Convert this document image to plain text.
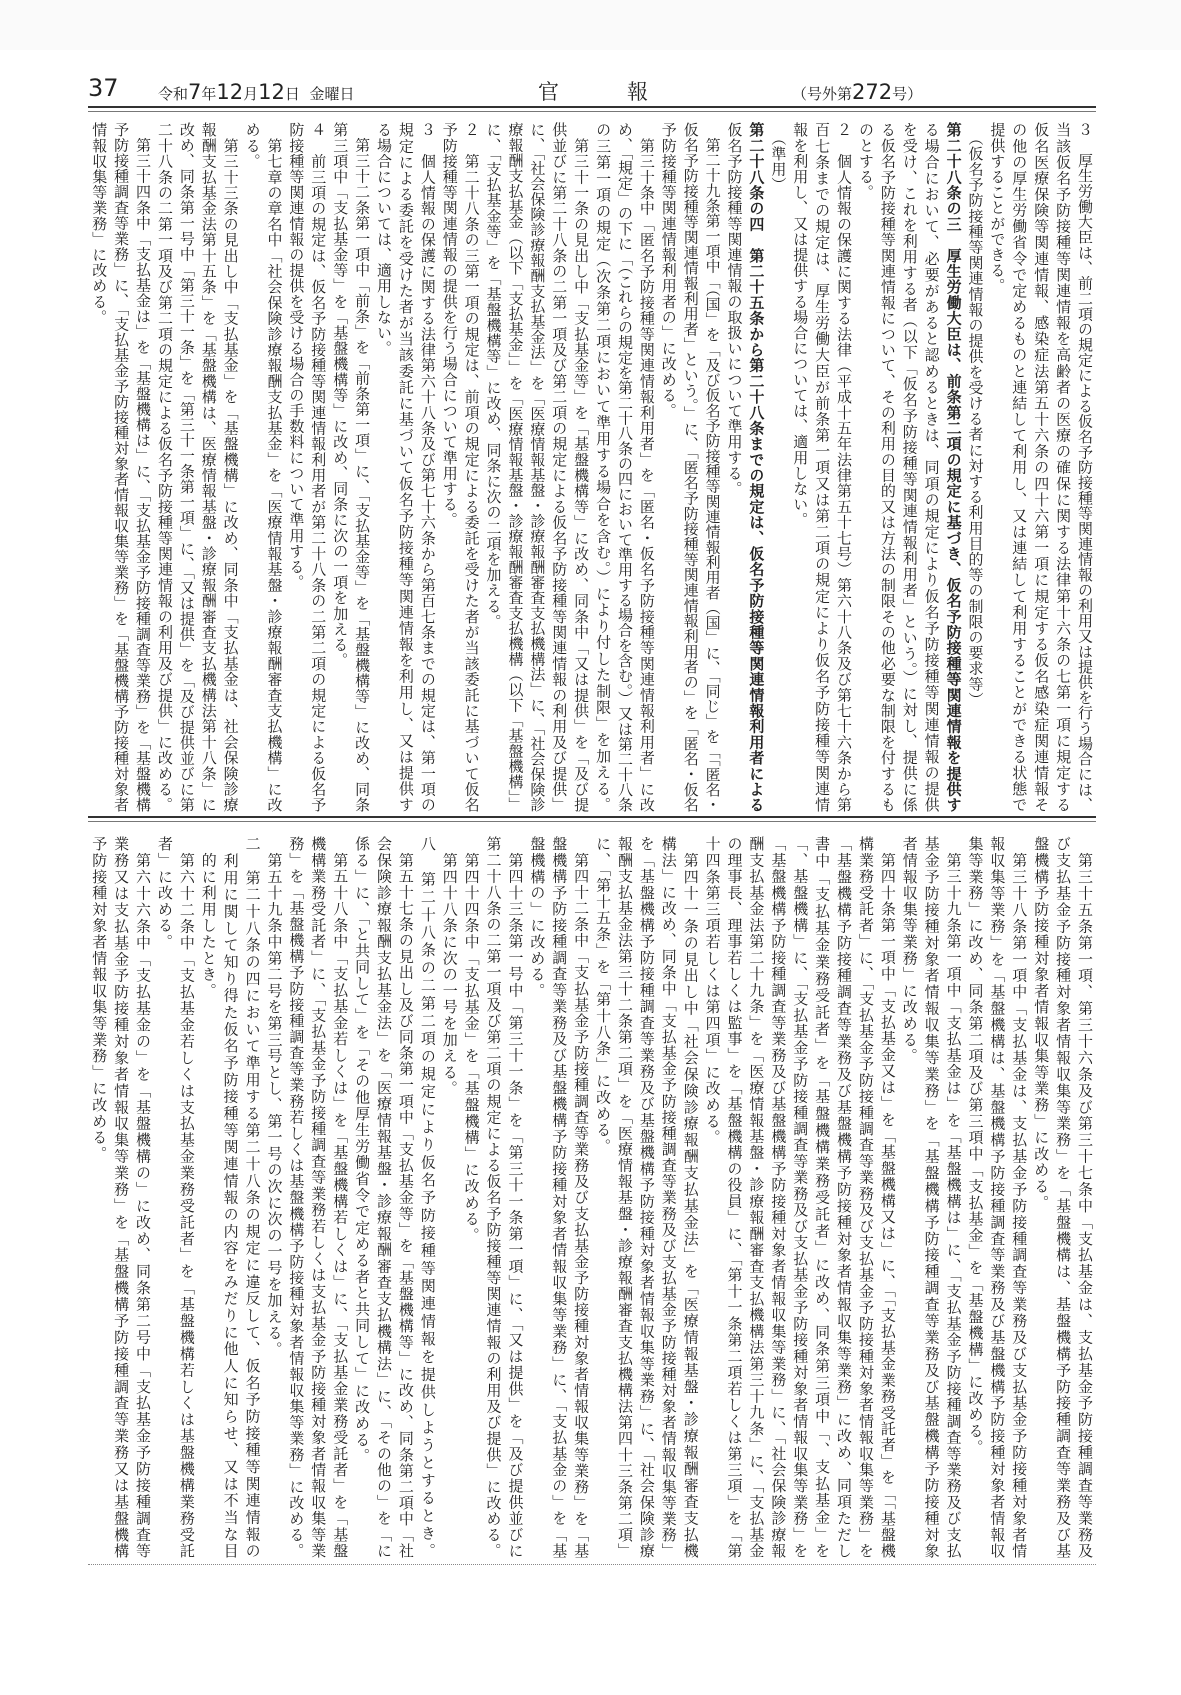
37	令和7年12月12日 金曜日	官報	（号外第272号）
３　厚生労働大臣は、前二項の規定による仮名予防接種等関連情報の利用又は提供を行う場合には、
当該仮名予防接種等関連情報を高齢者の医療の確保に関する法律第十六条の七第一項に規定する
仮名医療保険等関連情報、感染症法第五十六条の四十六第一項に規定する仮名感染症関連情報そ
の他の厚生労働省令で定めるものと連結して利用し、又は連結して利用することができる状態で
提供することができる。
　（仮名予防接種等関連情報の提供を受ける者に対する利用目的等の制限の要求等）
第二十八条の三　厚生労働大臣は、前条第二項の規定に基づき、仮名予防接種等関連情報を提供す
る場合において、必要があると認めるときは、同項の規定により仮名予防接種等関連情報の提供
を受け、これを利用する者（以下「仮名予防接種等関連情報利用者」という。）に対し、提供に係
る仮名予防接種等関連情報について、その利用の目的又は方法の制限その他必要な制限を付するも
のとする。
２　個人情報の保護に関する法律（平成十五年法律第五十七号）第六十八条及び第七十六条から第
百七条までの規定は、厚生労働大臣が前条第一項又は第二項の規定により仮名予防接種等関連情
報を利用し、又は提供する場合については、適用しない。
　（準用）
第二十八条の四　第二十五条から第二十八条までの規定は、仮名予防接種等関連情報利用者による
仮名予防接種等関連情報の取扱いについて準用する。
　第二十九条第一項中「（国」を「及び仮名予防接種等関連情報利用者（国」に、「同じ」を「「匿名・
仮名予防接種等関連情報利用者」という。」に、「匿名予防接種等関連情報利用者の」を「匿名・仮名
予防接種等関連情報利用者の」に改める。
　第三十条中「匿名予防接種等関連情報利用者」を「匿名・仮名予防接種等関連情報利用者」に改
め、「規定」の下に「（これらの規定を第二十八条の四において準用する場合を含む。）又は第二十八条
の三第一項の規定（次条第二項において準用する場合を含む。）により付した制限」を加える。
　第三十一条の見出し中「支払基金等」を「基盤機構等」に改め、同条中「又は提供」を「及び提
供並びに第二十八条の二第一項及び第二項の規定による仮名予防接種等関連情報の利用及び提供」
に、「社会保険診療報酬支払基金法」を「医療情報基盤・診療報酬審査支払機構法」に、「社会保険診
療報酬支払基金（以下「支払基金」」を「医療情報基盤・診療報酬審査支払機構（以下「基盤機構」」
に、「支払基金等」を「基盤機構等」に改め、同条に次の二項を加える。
２　第二十八条の三第一項の規定は、前項の規定による委託を受けた者が当該委託に基づいて仮名
予防接種等関連情報の提供を行う場合について準用する。
３　個人情報の保護に関する法律第六十八条及び第七十六条から第百七条までの規定は、第一項の
規定による委託を受けた者が当該委託に基づいて仮名予防接種等関連情報を利用し、又は提供す
る場合については、適用しない。
　第三十二条第一項中「前条」を「前条第一項」に、「支払基金等」を「基盤機構等」に改め、同条
第三項中「支払基金等」を「基盤機構等」に改め、同条に次の一項を加える。
４　前三項の規定は、仮名予防接種等関連情報利用者が第二十八条の二第二項の規定による仮名予
防接種等関連情報の提供を受ける場合の手数料について準用する。
　第七章の章名中「社会保険診療報酬支払基金」を「医療情報基盤・診療報酬審査支払機構」に改
める。
　第三十三条の見出し中「支払基金」を「基盤機構」に改め、同条中「支払基金は、社会保険診療
報酬支払基金法第十五条」を「基盤機構は、医療情報基盤・診療報酬審査支払機構法第十八条」に
改め、同条第一号中「第三十一条」を「第三十一条第一項」に、「又は提供」を「及び提供並びに第
二十八条の二第一項及び第二項の規定による仮名予防接種等関連情報の利用及び提供」に改める。
　第三十四条中「支払基金は」を「基盤機構は」に、「支払基金予防接種調査等業務」を「基盤機構
予防接種調査等業務」に、「支払基金予防接種対象者情報収集等業務」を「基盤機構予防接種対象者
情報収集等業務」に改める。
　第三十五条第一項、第三十六条及び第三十七条中「支払基金は、支払基金予防接種調査等業務及
び支払基金予防接種対象者情報収集等業務」を「基盤機構は、基盤機構予防接種調査等業務及び基
盤機構予防接種対象者情報収集等業務」に改める。
　第三十八条第一項中「支払基金は、支払基金予防接種調査等業務及び支払基金予防接種対象者情
報収集等業務」を「基盤機構は、基盤機構予防接種調査等業務及び基盤機構予防接種対象者情報収
集等業務」に改め、同条第二項及び第三項中「支払基金」を「基盤機構」に改める。
　第三十九条第一項中「支払基金は」を「基盤機構は」に、「支払基金予防接種調査等業務及び支払
基金予防接種対象者情報収集等業務」を「基盤機構予防接種調査等業務及び基盤機構予防接種対象
者情報収集等業務」に改める。
　第四十条第一項中「支払基金又は」を「基盤機構又は」に、「「支払基金業務受託者」を「「基盤機
構業務受託者」に、「支払基金予防接種調査等業務及び支払基金予防接種対象者情報収集等業務」を
「基盤機構予防接種調査等業務及び基盤機構予防接種対象者情報収集等業務」に改め、同項ただし
書中「支払基金業務受託者」を「基盤機構業務受託者」に改め、同条第三項中「、支払基金」を
「、基盤機構」に、「支払基金予防接種調査等業務及び支払基金予防接種対象者情報収集等業務」を
「基盤機構予防接種調査等業務及び基盤機構予防接種対象者情報収集等業務」に、「社会保険診療報
酬支払基金法第二十九条」を「医療情報基盤・診療報酬審査支払機構法第三十九条」に、「支払基金
の理事長、理事若しくは監事」を「基盤機構の役員」に、「第十一条第二項若しくは第三項」を「第
十四条第三項若しくは第四項」に改める。
　第四十一条の見出し中「社会保険診療報酬支払基金法」を「医療情報基盤・診療報酬審査支払機
構法」に改め、同条中「支払基金予防接種調査等業務及び支払基金予防接種対象者情報収集等業務」
を「基盤機構予防接種調査等業務及び基盤機構予防接種対象者情報収集等業務」に、「社会保険診療
報酬支払基金法第三十二条第二項」を「医療情報基盤・診療報酬審査支払機構法第四十三条第二項」
に、「第十五条」を「第十八条」に改める。
　第四十二条中「支払基金予防接種調査等業務及び支払基金予防接種対象者情報収集等業務」を「基
盤機構予防接種調査等業務及び基盤機構予防接種対象者情報収集等業務」に、「支払基金の」を「基
盤機構の」に改める。
　第四十三条第一号中「第三十一条」を「第三十一条第一項」に、「又は提供」を「及び提供並びに
第二十八条の二第一項及び第二項の規定による仮名予防接種等関連情報の利用及び提供」に改める。
　第四十四条中「支払基金」を「基盤機構」に改める。
　第四十八条に次の一号を加える。
八　第二十八条の二第二項の規定により仮名予防接種等関連情報を提供しようとするとき。
　第五十七条の見出し及び同条第一項中「支払基金等」を「基盤機構等」に改め、同条第二項中「社
会保険診療報酬支払基金法」を「医療情報基盤・診療報酬審査支払機構法」に、「その他の」を「に
係る」に、「と共同して」を「その他厚生労働省令で定める者と共同して」に改める。
　第五十八条中「支払基金若しくは」を「基盤機構若しくは」に、「支払基金業務受託者」を「基盤
機構業務受託者」に、「支払基金予防接種調査等業務若しくは支払基金予防接種対象者情報収集等業
務」を「基盤機構予防接種調査等業務若しくは基盤機構予防接種対象者情報収集等業務」に改める。
　第五十九条中第二号を第三号とし、第一号の次に次の一号を加える。
二　第二十八条の四において準用する第二十八条の規定に違反して、仮名予防接種等関連情報の
　利用に関して知り得た仮名予防接種等関連情報の内容をみだりに他人に知らせ、又は不当な目
　的に利用したとき。
　第六十二条中「支払基金若しくは支払基金業務受託者」を「基盤機構若しくは基盤機構業務受託
者」に改める。
　第六十六条中「支払基金の」を「基盤機構の」に改め、同条第二号中「支払基金予防接種調査等
業務又は支払基金予防接種対象者情報収集等業務」を「基盤機構予防接種調査等業務又は基盤機構
予防接種対象者情報収集等業務」に改める。
